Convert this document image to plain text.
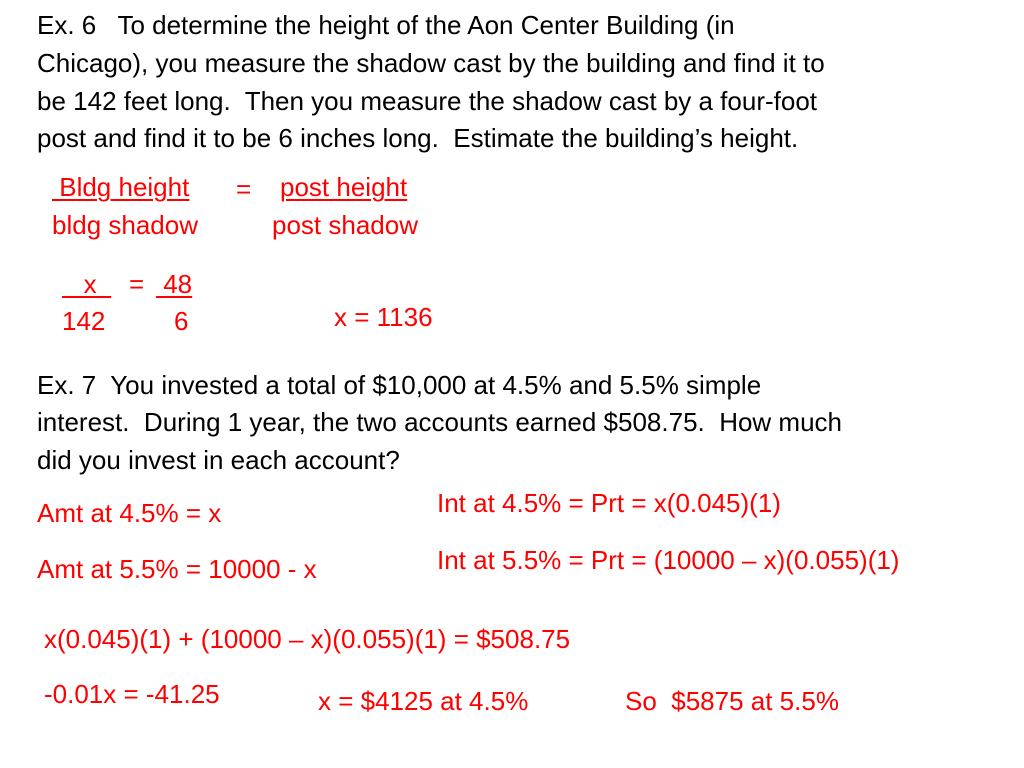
Ex. 6   To determine the height of the Aon Center Building (in
Chicago), you measure the shadow cast by the building and find it to
be 142 feet long.  Then you measure the shadow cast by a four-foot
post and find it to be 6 inches long.  Estimate the building’s height.
Bldg height = post height
bldg shadow	post shadow
x = 48
142	6	x = 1136
Ex. 7  You invested a total of $10,000 at 4.5% and 5.5% simple
interest.  During 1 year, the two accounts earned $508.75.  How much
did you invest in each account?
Amt at 4.5% = x	Int at 4.5% = Prt = x(0.045)(1)
Int at 5.5% = Prt = (10000 – x)(0.055)(1)
Amt at 5.5% = 10000 - x
x(0.045)(1) + (10000 – x)(0.055)(1) = $508.75
-0.01x = -41.25	x = $4125 at 4.5%	So  $5875 at 5.5%
